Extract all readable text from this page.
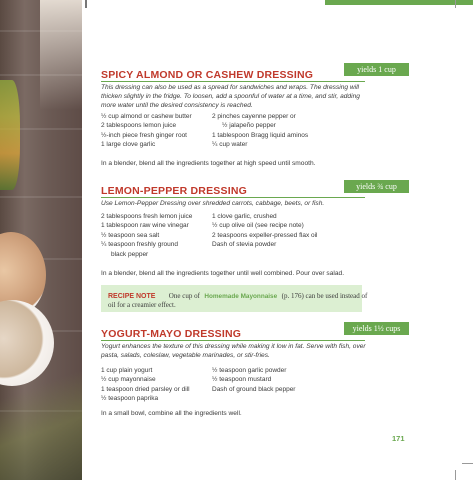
yields 1 cup
SPICY ALMOND OR CASHEW DRESSING
This dressing can also be used as a spread for sandwiches and wraps. The dressing will
thicken slightly in the fridge. To loosen, add a spoonful of water at a time, and stir, adding
more water until the desired consistency is reached.
½ cup almond or cashew butter
2 tablespoons lemon juice
½-inch piece fresh ginger root
1 large clove garlic
2 pinches cayenne pepper or
½ jalapeño pepper
1 tablespoon Bragg liquid aminos
¼ cup water
In a blender, blend all the ingredients together at high speed until smooth.
yields ¾ cup
LEMON-PEPPER DRESSING
Use Lemon-Pepper Dressing over shredded carrots, cabbage, beets, or fish.
2 tablespoons fresh lemon juice
1 tablespoon raw wine vinegar
½ teaspoon sea salt
¼ teaspoon freshly ground
black pepper
1 clove garlic, crushed
½ cup olive oil (see recipe note)
2 teaspoons expeller-pressed flax oil
Dash of stevia powder
In a blender, blend all the ingredients together until well combined. Pour over salad.
RECIPE NOTE One cup of Homemade Mayonnaise (p. 176) can be used instead of
oil for a creamier effect.
yields 1½ cups
YOGURT-MAYO DRESSING
Yogurt enhances the texture of this dressing while making it low in fat. Serve with fish, over
pasta, salads, coleslaw, vegetable marinades, or stir-fries.
1 cup plain yogurt
½ cup mayonnaise
1 teaspoon dried parsley or dill
½ teaspoon paprika
½ teaspoon garlic powder
½ teaspoon mustard
Dash of ground black pepper
In a small bowl, combine all the ingredients well.
171
